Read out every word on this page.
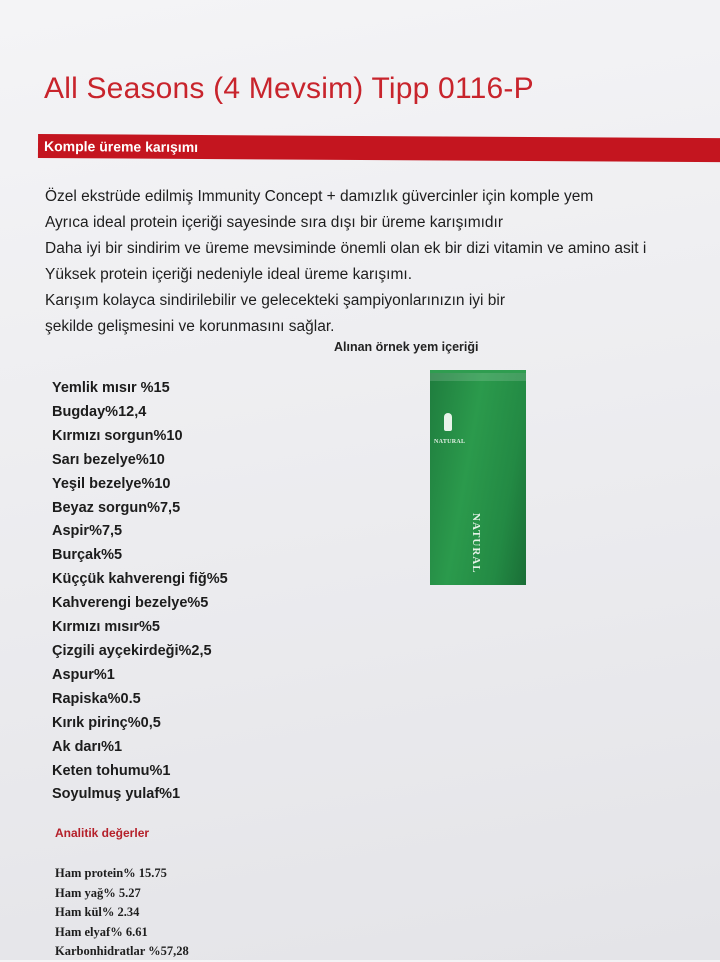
All Seasons (4 Mevsim) Tipp 0116-P
Komple üreme karışımı

Özel ekstrüde edilmiş Immunity Concept + damızlık güvercinler için komple yem

Ayrıca ideal protein içeriği sayesinde sıra dışı bir üreme karışımıdır

Daha iyi bir sindirim ve üreme mevsiminde önemli olan ek bir dizi vitamin ve amino asit i

Yüksek protein içeriği nedeniyle ideal üreme karışımı.

Karışım kolayca sindirilebilir ve gelecekteki şampiyonlarınızın iyi bir

şekilde gelişmesini ve korunmasını sağlar.

Alınan örnek yem içeriği
Yemlik mısır %15
Bugday%12,4
Kırmızı sorgun%10
Sarı bezelye%10
Yeşil bezelye%10
Beyaz sorgun%7,5
Aspir%7,5
Burçak%5
Küççük kahverengi fiğ%5
Kahverengi bezelye%5
Kırmızı mısır%5
Çizgili ayçekirdeği%2,5
Aspur%1
Rapiska%0.5
Kırık pirinç%0,5
Ak darı%1
Keten tohumu%1
Soyulmuş yulaf%1
NATURAL
NATURAL
Analitik değerler
Ham protein% 15.75
Ham yağ% 5.27
Ham kül% 2.34
Ham elyaf% 6.61
Karbonhidratlar %57,28
